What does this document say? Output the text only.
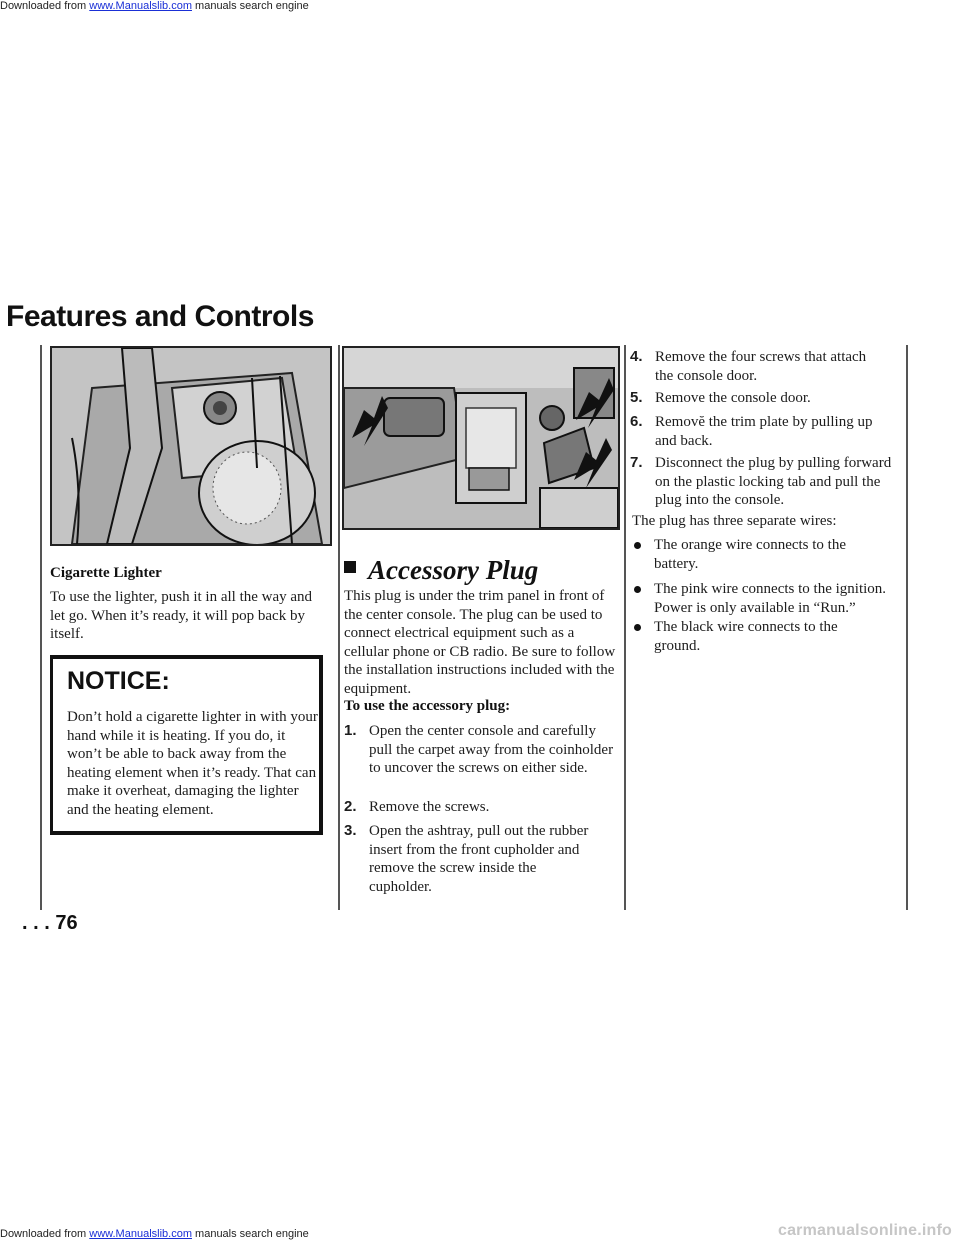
Downloaded from www.Manualslib.com manuals search engine
Features and Controls
Cigarette Lighter
To use the lighter, push it in all the way and let go. When it’s ready, it will pop back by itself.
NOTICE:
Don’t hold a cigarette lighter in with your hand while it is heating. If you do, it won’t be able to back away from the heating element when it’s ready. That can make it overheat, damaging the lighter and the heating element.
Accessory Plug
This plug is under the trim panel in front of the center console. The plug can be used to connect electrical equipment such as a cellular phone or CB radio. Be sure to follow the installation instructions included with the equipment.
To use the accessory plug:
1. Open the center console and carefully pull the carpet away from the coinholder to uncover the screws on either side.
2. Remove the screws.
3. Open the ashtray, pull out the rubber insert from the front cupholder and remove the screw inside the cupholder.
4. Remove the four screws that attach the console door.
5. Remove the console door.
6. Removĕ the trim plate by pulling up and back.
7. Disconnect the plug by pulling forward on the plastic locking tab and pull the plug into the console.
The plug has three separate wires:
The orange wire connects to the battery.
The pink wire connects to the ignition. Power is only available in “Run.”
The black wire connects to the ground.
. . . 76
Downloaded from www.Manualslib.com manuals search engine	carmanualsonline.info
